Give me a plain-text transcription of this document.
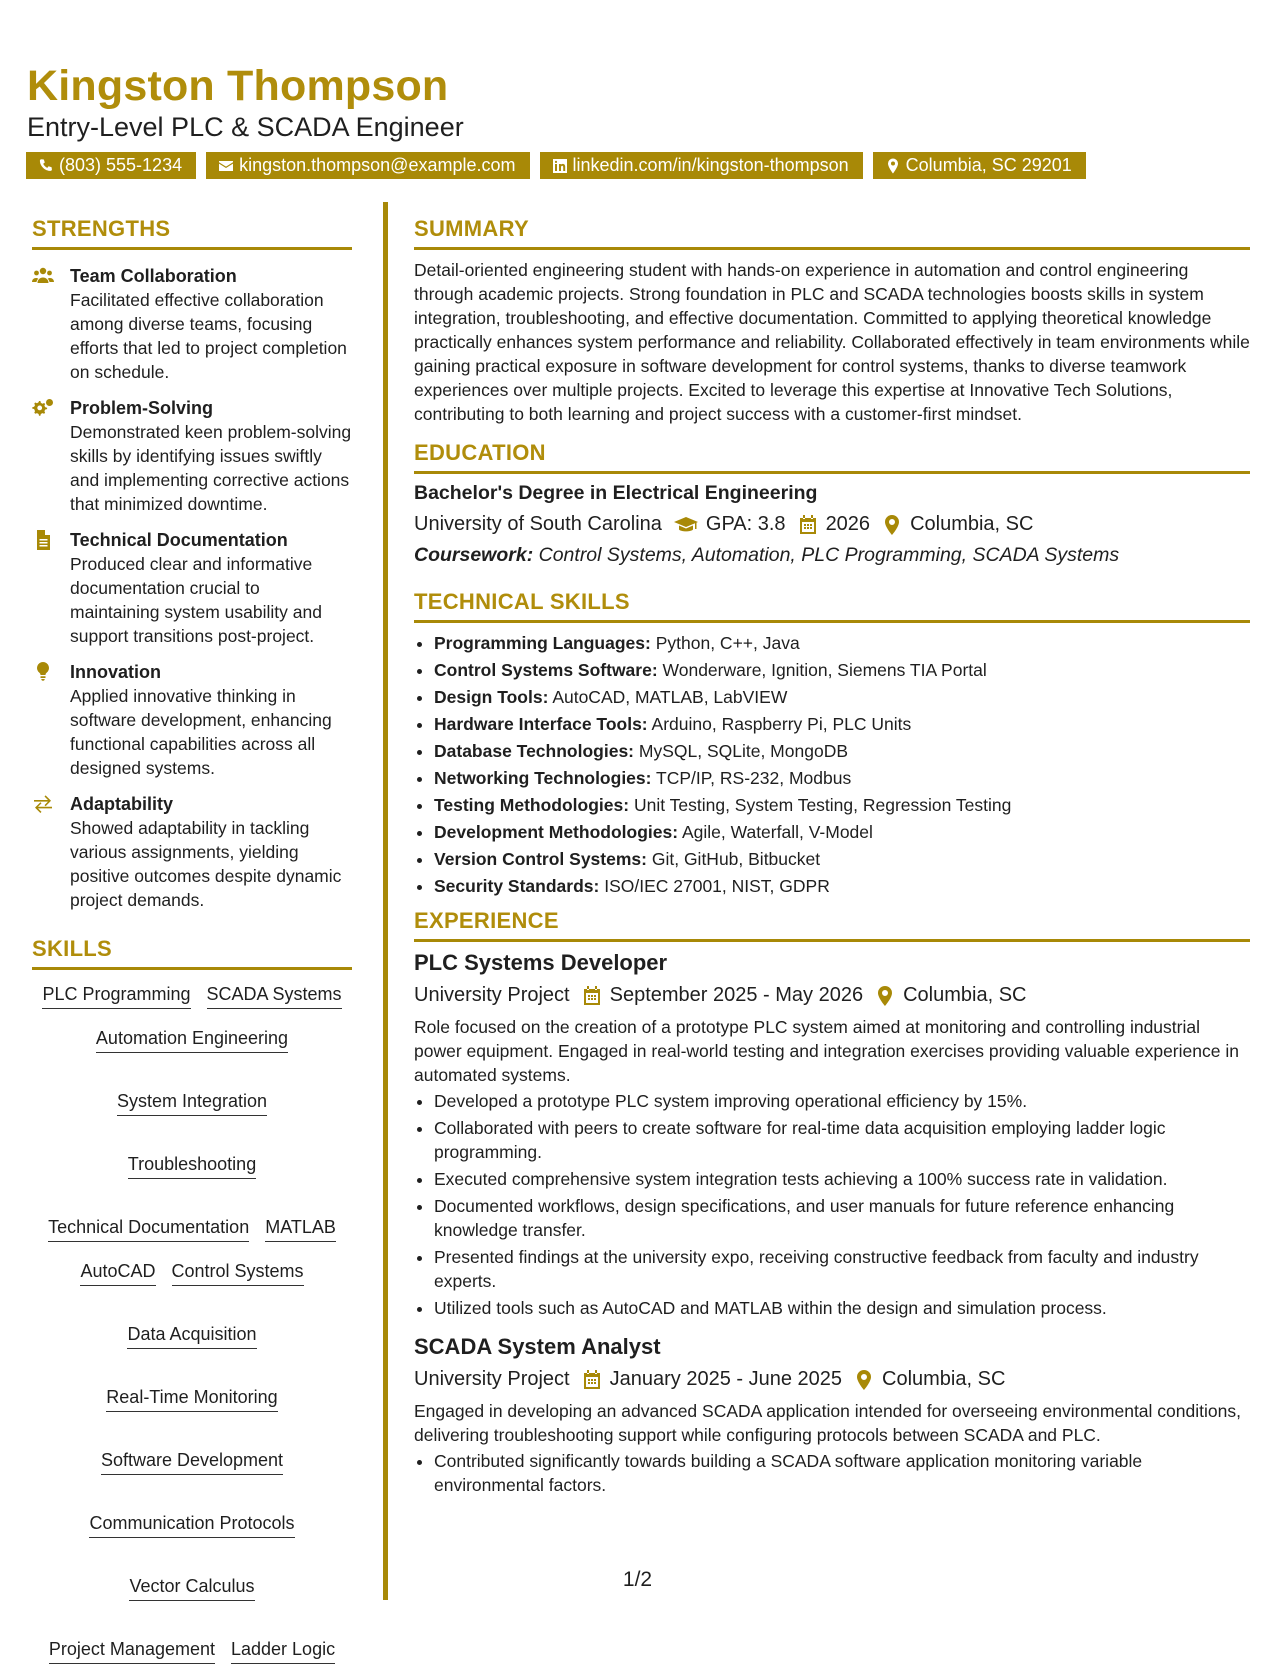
Kingston Thompson
Entry-Level PLC & SCADA Engineer
(803) 555-1234	kingston.thompson@example.com	linkedin.com/in/kingston-thompson	Columbia, SC 29201
STRENGTHS
Team Collaboration
Facilitated effective collaboration among diverse teams, focusing efforts that led to project completion on schedule.
Problem-Solving
Demonstrated keen problem-solving skills by identifying issues swiftly and implementing corrective actions that minimized downtime.
Technical Documentation
Produced clear and informative documentation crucial to maintaining system usability and support transitions post-project.
Innovation
Applied innovative thinking in software development, enhancing functional capabilities across all designed systems.
Adaptability
Showed adaptability in tackling various assignments, yielding positive outcomes despite dynamic project demands.
SKILLS
PLC Programming SCADA Systems
Automation Engineering
System Integration
Troubleshooting
Technical Documentation MATLAB
AutoCAD Control Systems
Data Acquisition
Real-Time Monitoring
Software Development
Communication Protocols
Vector Calculus
Project Management Ladder Logic
SUMMARY

Detail-oriented engineering student with hands-on experience in automation and control engineering through academic projects. Strong foundation in PLC and SCADA technologies boosts skills in system integration, troubleshooting, and effective documentation. Committed to applying theoretical knowledge practically enhances system performance and reliability. Collaborated effectively in team environments while gaining practical exposure in software development for control systems, thanks to diverse teamwork experiences over multiple projects. Excited to leverage this expertise at Innovative Tech Solutions, contributing to both learning and project success with a customer-first mindset.

EDUCATION
Bachelor's Degree in Electrical Engineering
University of South Carolina GPA: 3.8 2026 Columbia, SC
Coursework: Control Systems, Automation, PLC Programming, SCADA Systems
TECHNICAL SKILLS
• Programming Languages: Python, C++, Java
• Control Systems Software: Wonderware, Ignition, Siemens TIA Portal
• Design Tools: AutoCAD, MATLAB, LabVIEW
• Hardware Interface Tools: Arduino, Raspberry Pi, PLC Units
• Database Technologies: MySQL, SQLite, MongoDB
• Networking Technologies: TCP/IP, RS-232, Modbus
• Testing Methodologies: Unit Testing, System Testing, Regression Testing
• Development Methodologies: Agile, Waterfall, V-Model
• Version Control Systems: Git, GitHub, Bitbucket
• Security Standards: ISO/IEC 27001, NIST, GDPR
EXPERIENCE
PLC Systems Developer
University Project September 2025 - May 2026 Columbia, SC

Role focused on the creation of a prototype PLC system aimed at monitoring and controlling industrial power equipment. Engaged in real-world testing and integration exercises providing valuable experience in automated systems.

• Developed a prototype PLC system improving operational efficiency by 15%.
• Collaborated with peers to create software for real-time data acquisition employing ladder logic programming.
• Executed comprehensive system integration tests achieving a 100% success rate in validation.
• Documented workflows, design specifications, and user manuals for future reference enhancing knowledge transfer.
• Presented findings at the university expo, receiving constructive feedback from faculty and industry experts.
• Utilized tools such as AutoCAD and MATLAB within the design and simulation process.
SCADA System Analyst
University Project January 2025 - June 2025 Columbia, SC

Engaged in developing an advanced SCADA application intended for overseeing environmental conditions, delivering troubleshooting support while configuring protocols between SCADA and PLC.

• Contributed significantly towards building a SCADA software application monitoring variable environmental factors.
1/2
